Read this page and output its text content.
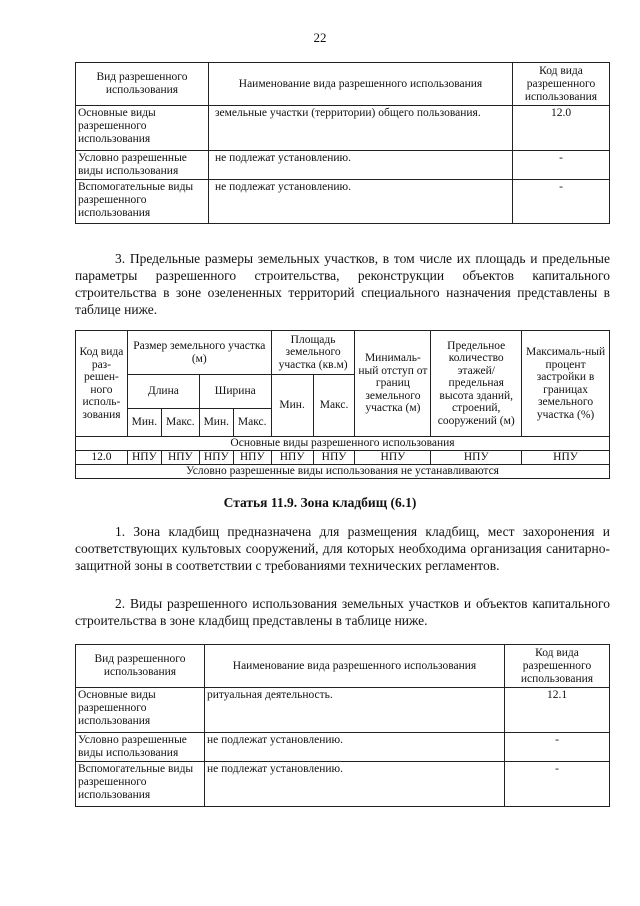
22
Вид разрешенного использования	Наименование вида разрешенного использования	Код вида разрешенного использования
Основные виды разрешенного использования	земельные участки (территории) общего пользования.	12.0
Условно разрешенные виды использования	не подлежат установлению.	-
Вспомогательные виды разрешенного использования	не подлежат установлению.	-

3. Предельные размеры земельных участков, в том числе их площадь и предельные параметры разрешенного строительства, реконструкции объектов капитального строительства в зоне озелененных территорий специального назначения представлены в таблице ниже.

Код вида раз-решен-ного исполь-зования	Размер земельного участка (м)				Площадь земельного участка (кв.м)		Минималь-ный отступ от границ земельного участка (м)	Предельное количество этажей/ предельная высота зданий, строений, сооружений (м)	Максималь-ный процент застройки в границах земельного участка (%)
	Длина		Ширина		Мин.	Макс.			
	Мин.	Макс.	Мин.	Макс.					
Основные виды разрешенного использования									
12.0	НПУ	НПУ	НПУ	НПУ	НПУ	НПУ	НПУ	НПУ	НПУ
Условно разрешенные виды использования не устанавливаются									
Статья 11.9. Зона кладбищ (6.1)

1. Зона кладбищ предназначена для размещения кладбищ, мест захоронения и соответствующих культовых сооружений, для которых необходима организация санитарно-защитной зоны в соответствии с требованиями технических регламентов.

2. Виды разрешенного использования земельных участков и объектов капитального строительства в зоне кладбищ представлены в таблице ниже.

Вид разрешенного использования	Наименование вида разрешенного использования	Код вида разрешенного использования
Основные виды разрешенного использования	ритуальная деятельность.	12.1
Условно разрешенные виды использования	не подлежат установлению.	-
Вспомогательные виды разрешенного использования	не подлежат установлению.	-
